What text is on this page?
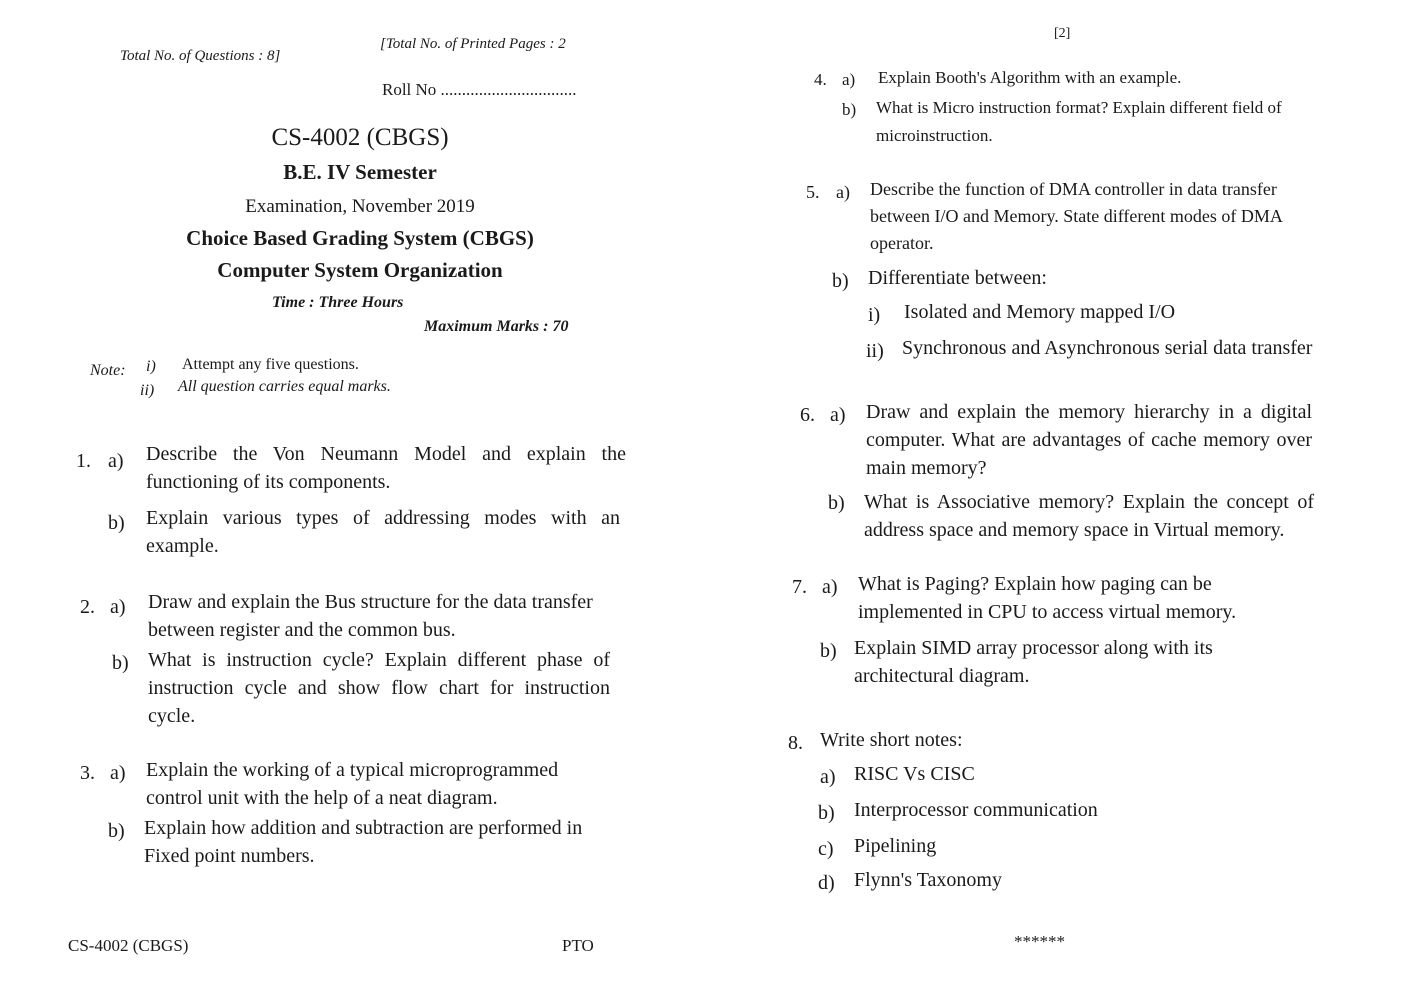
Total No. of Questions : 8]
[Total No. of Printed Pages : 2
Roll No ................................
CS-4002 (CBGS)
B.E. IV Semester
Examination, November 2019
Choice Based Grading System (CBGS)
Computer System Organization
Time : Three Hours
Maximum Marks : 70
Note: i) Attempt any five questions.
ii) All question carries equal marks.
1. a) Describe the Von Neumann Model and explain the functioning of its components.
b) Explain various types of addressing modes with an example.
2. a) Draw and explain the Bus structure for the data transfer between register and the common bus.
b) What is instruction cycle? Explain different phase of instruction cycle and show flow chart for instruction cycle.
3. a) Explain the working of a typical microprogrammed control unit with the help of a neat diagram.
b) Explain how addition and subtraction are performed in Fixed point numbers.
CS-4002 (CBGS)	PTO
[2]
4. a) Explain Booth's Algorithm with an example.
b) What is Micro instruction format? Explain different field of microinstruction.
5. a) Describe the function of DMA controller in data transfer between I/O and Memory. State different modes of DMA operator.
b) Differentiate between:
i) Isolated and Memory mapped I/O
ii) Synchronous and Asynchronous serial data transfer
6. a) Draw and explain the memory hierarchy in a digital computer. What are advantages of cache memory over main memory?
b) What is Associative memory? Explain the concept of address space and memory space in Virtual memory.
7. a) What is Paging? Explain how paging can be implemented in CPU to access virtual memory.
b) Explain SIMD array processor along with its architectural diagram.
8. Write short notes:
a) RISC Vs CISC
b) Interprocessor communication
c) Pipelining
d) Flynn's Taxonomy
******
